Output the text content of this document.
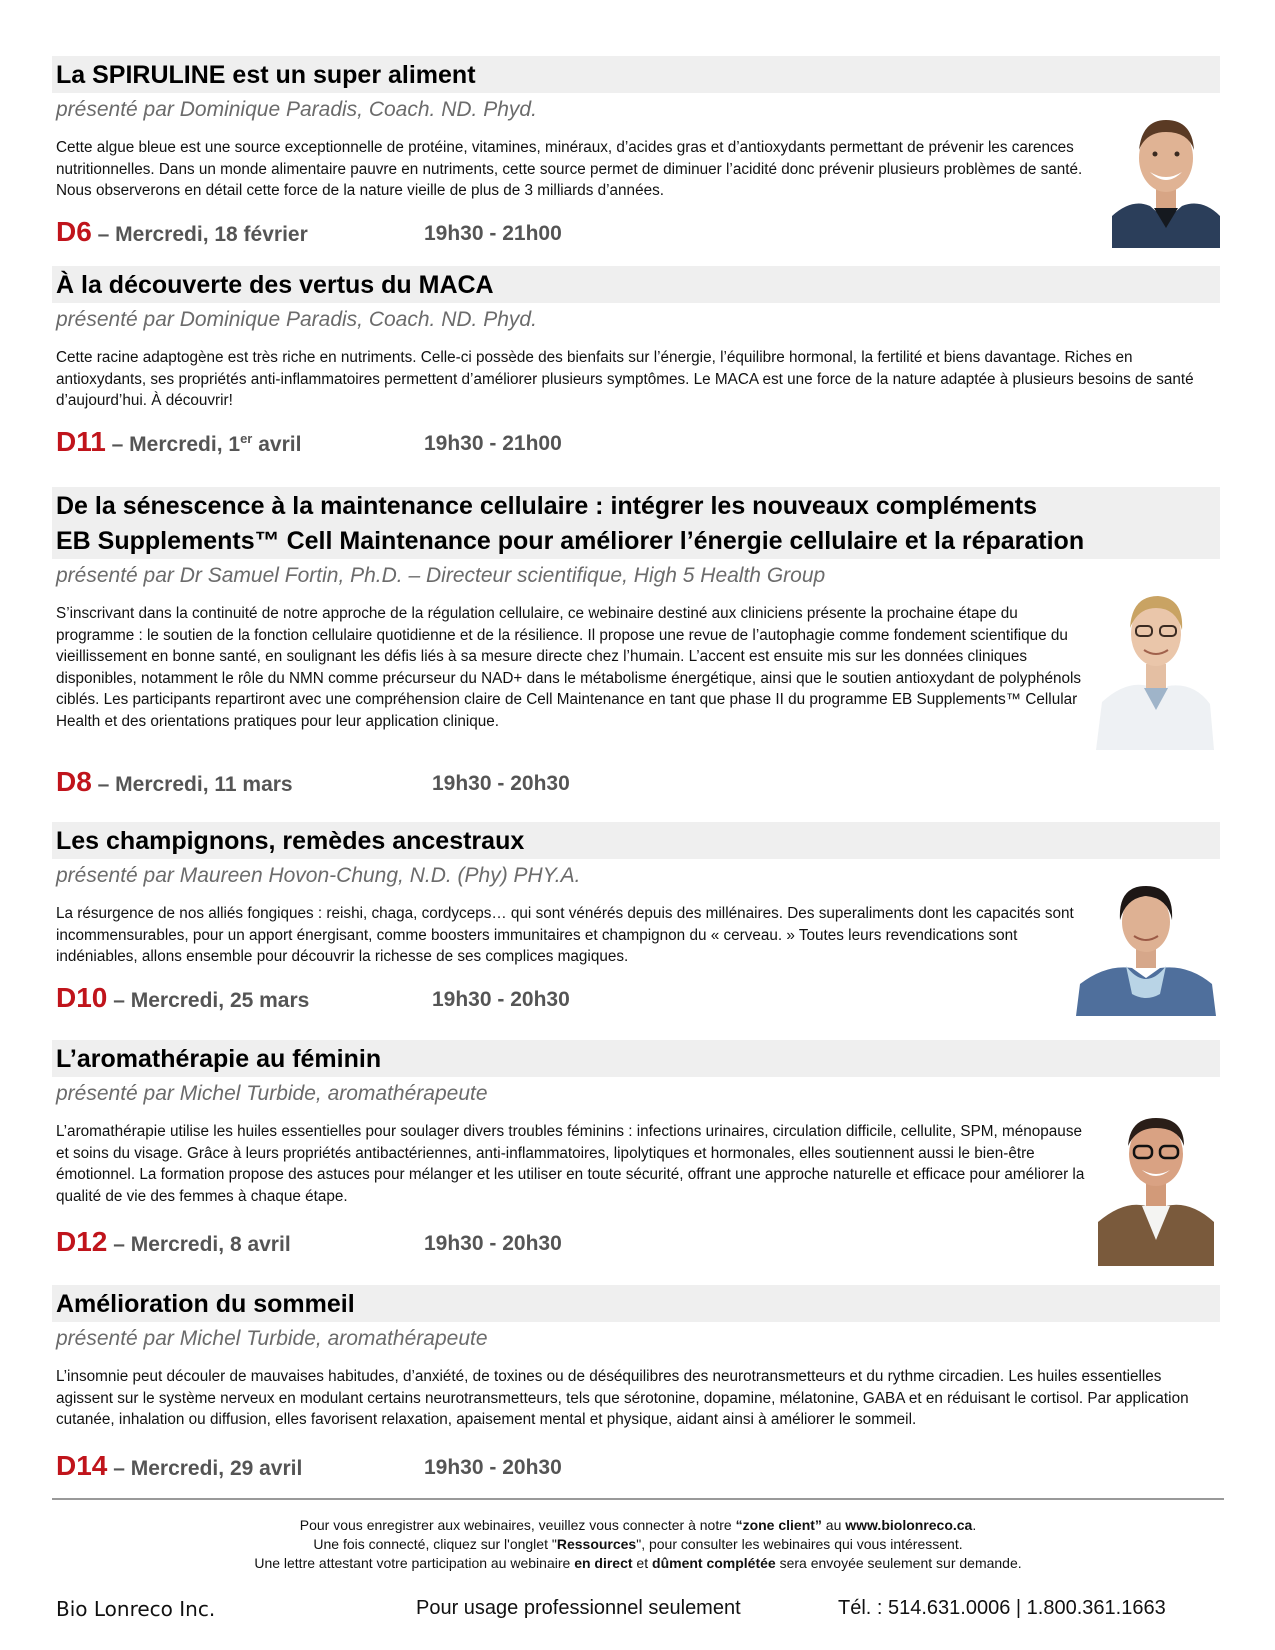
La SPIRULINE est un super aliment
présenté par Dominique Paradis, Coach. ND. Phyd.
Cette algue bleue est une source exceptionnelle de protéine, vitamines, minéraux, d’acides gras et d’antioxydants permettant de prévenir les carences nutritionnelles. Dans un monde alimentaire pauvre en nutriments, cette source permet de diminuer l’acidité donc prévenir plusieurs problèmes de santé. Nous observerons en détail cette force de la nature vieille de plus de 3 milliards d’années.
D6 – Mercredi, 18 février	19h30 - 21h00
À la découverte des vertus du MACA
présenté par Dominique Paradis, Coach. ND. Phyd.
Cette racine adaptogène est très riche en nutriments. Celle-ci possède des bienfaits sur l’énergie, l’équilibre hormonal, la fertilité et biens davantage. Riches en antioxydants, ses propriétés anti-inflammatoires permettent d’améliorer plusieurs symptômes. Le MACA est une force de la nature adaptée à plusieurs besoins de santé d’aujourd’hui. À découvrir!
D11 – Mercredi, 1er avril	19h30 - 21h00
De la sénescence à la maintenance cellulaire : intégrer les nouveaux compléments
EB Supplements™ Cell Maintenance pour améliorer l’énergie cellulaire et la réparation
présenté par Dr Samuel Fortin, Ph.D. – Directeur scientifique, High 5 Health Group
S’inscrivant dans la continuité de notre approche de la régulation cellulaire, ce webinaire destiné aux cliniciens présente la prochaine étape du programme : le soutien de la fonction cellulaire quotidienne et de la résilience. Il propose une revue de l’autophagie comme fondement scientifique du vieillissement en bonne santé, en soulignant les défis liés à sa mesure directe chez l’humain. L’accent est ensuite mis sur les données cliniques disponibles, notamment le rôle du NMN comme précurseur du NAD+ dans le métabolisme énergétique, ainsi que le soutien antioxydant de polyphénols ciblés. Les participants repartiront avec une compréhension claire de Cell Maintenance en tant que phase II du programme EB Supplements™ Cellular Health et des orientations pratiques pour leur application clinique.
D8 – Mercredi, 11 mars	19h30 - 20h30
Les champignons, remèdes ancestraux
présenté par Maureen Hovon-Chung, N.D. (Phy) PHY.A.
La résurgence de nos alliés fongiques : reishi, chaga, cordyceps… qui sont vénérés depuis des millénaires. Des superaliments dont les capacités sont incommensurables, pour un apport énergisant, comme boosters immunitaires et champignon du « cerveau. » Toutes leurs revendications sont indéniables, allons ensemble pour découvrir la richesse de ses complices magiques.
D10 – Mercredi, 25 mars	19h30 - 20h30
L’aromathérapie au féminin
présenté par Michel Turbide, aromathérapeute
L’aromathérapie utilise les huiles essentielles pour soulager divers troubles féminins : infections urinaires, circulation difficile, cellulite, SPM, ménopause et soins du visage. Grâce à leurs propriétés antibactériennes, anti-inflammatoires, lipolytiques et hormonales, elles soutiennent aussi le bien-être émotionnel. La formation propose des astuces pour mélanger et les utiliser en toute sécurité, offrant une approche naturelle et efficace pour améliorer la qualité de vie des femmes à chaque étape.
D12 – Mercredi, 8 avril	19h30 - 20h30
Amélioration du sommeil
présenté par Michel Turbide, aromathérapeute
L’insomnie peut découler de mauvaises habitudes, d’anxiété, de toxines ou de déséquilibres des neurotransmetteurs et du rythme circadien. Les huiles essentielles agissent sur le système nerveux en modulant certains neurotransmetteurs, tels que sérotonine, dopamine, mélatonine, GABA et en réduisant le cortisol. Par application cutanée, inhalation ou diffusion, elles favorisent relaxation, apaisement mental et physique, aidant ainsi à améliorer le sommeil.
D14 – Mercredi, 29 avril	19h30 - 20h30
Pour vous enregistrer aux webinaires, veuillez vous connecter à notre “zone client” au www.biolonreco.ca.
Une fois connecté, cliquez sur l'onglet "Ressources", pour consulter les webinaires qui vous intéressent.
Une lettre attestant votre participation au webinaire en direct et dûment complétée sera envoyée seulement sur demande.
Bio Lonreco Inc.	Pour usage professionnel seulement	Tél. : 514.631.0006 | 1.800.361.1663
